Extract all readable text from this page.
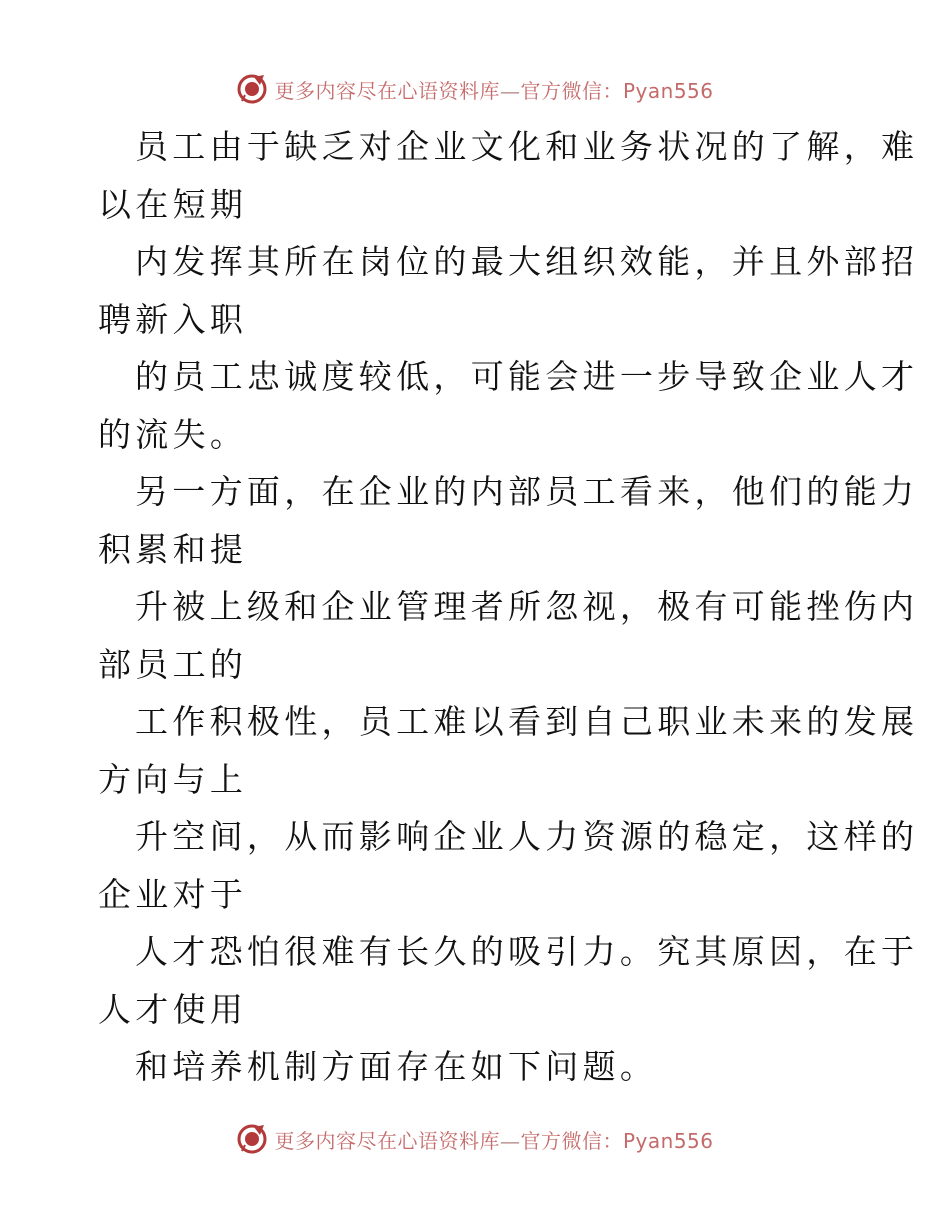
更多内容尽在心语资料库—官方微信：Pyan556

员工由于缺乏对企业文化和业务状况的了解，难

以在短期

内发挥其所在岗位的最大组织效能，并且外部招

聘新入职

的员工忠诚度较低，可能会进一步导致企业人才

的流失。

另一方面，在企业的内部员工看来，他们的能力

积累和提

升被上级和企业管理者所忽视，极有可能挫伤内

部员工的

工作积极性，员工难以看到自己职业未来的发展

方向与上

升空间，从而影响企业人力资源的稳定，这样的

企业对于

人才恐怕很难有长久的吸引力。究其原因，在于

人才使用

和培养机制方面存在如下问题。

更多内容尽在心语资料库—官方微信：Pyan556
